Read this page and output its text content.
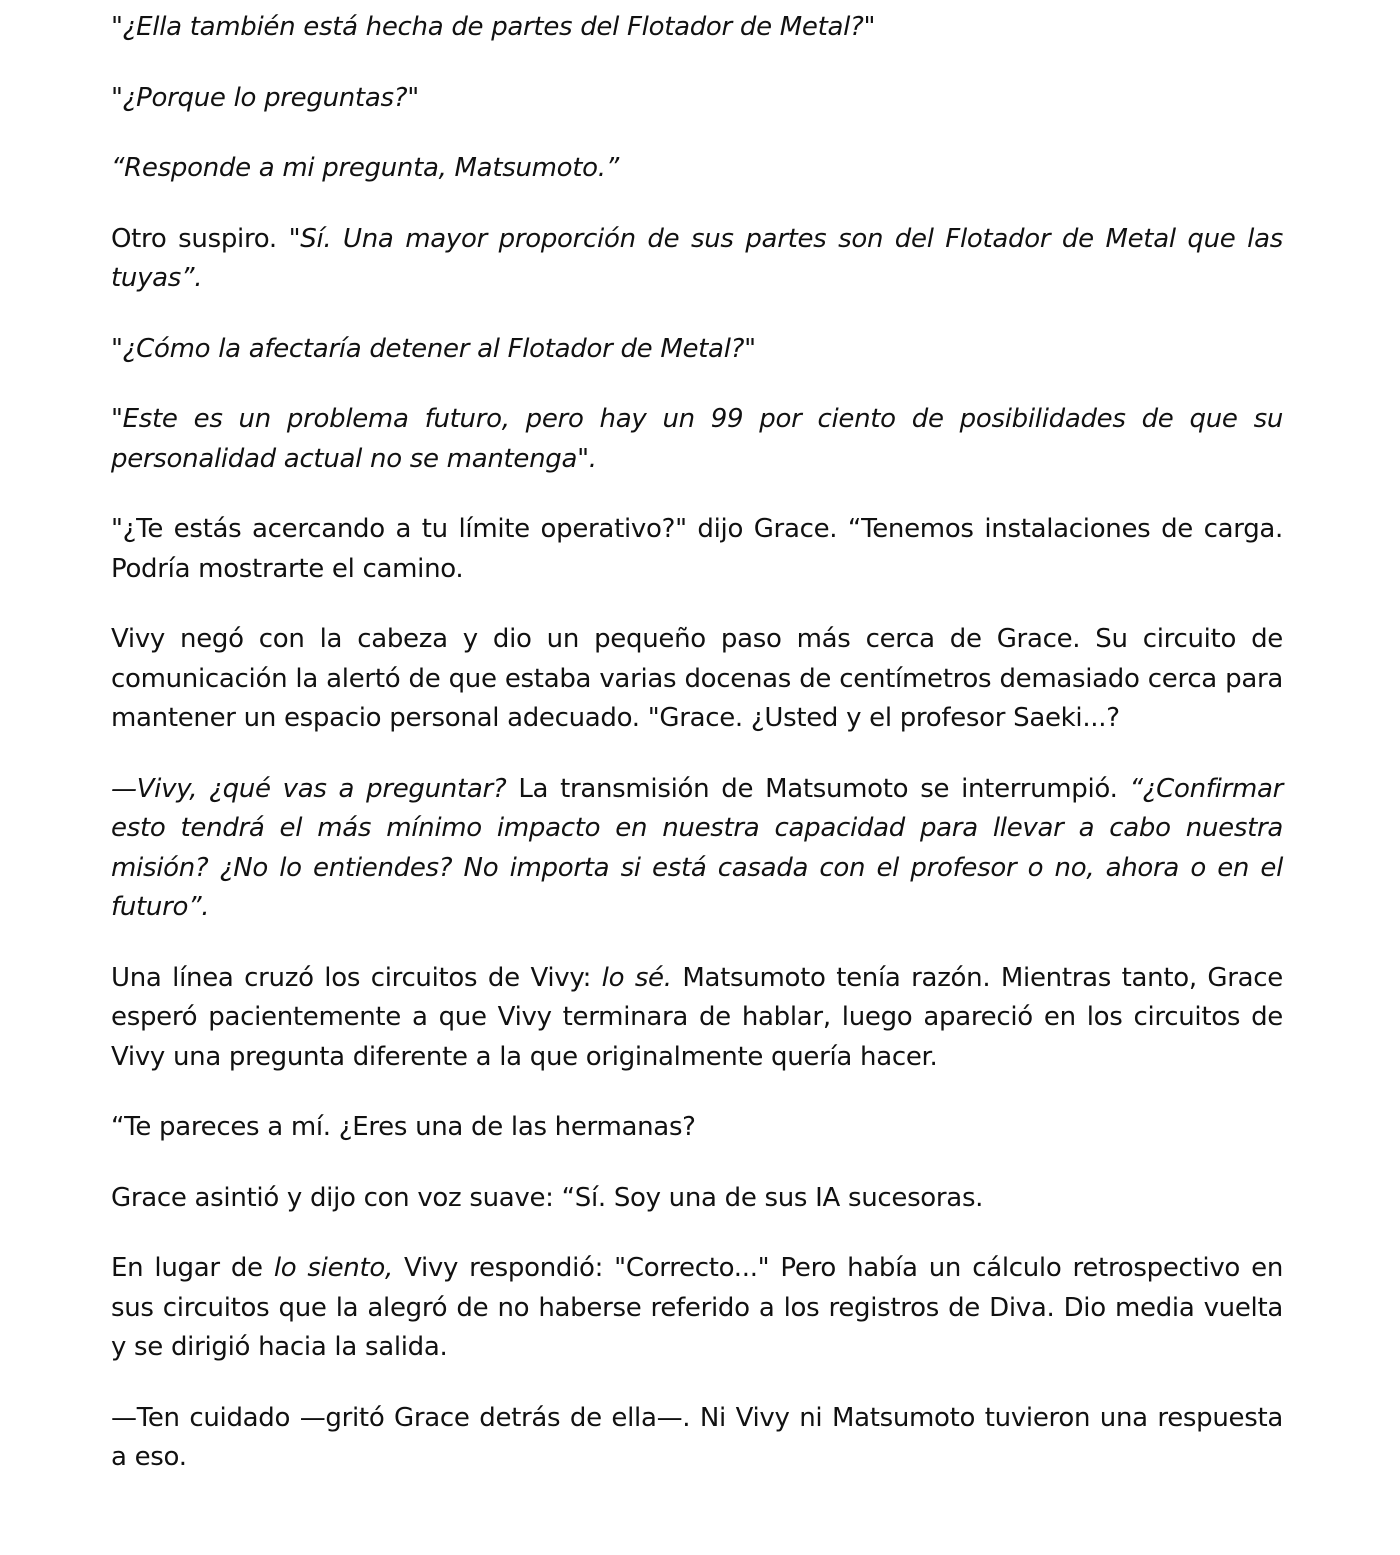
"¿Ella también está hecha de partes del Flotador de Metal?"

"¿Porque lo preguntas?"

“Responde a mi pregunta, Matsumoto.”

Otro suspiro. "Sí. Una mayor proporción de sus partes son del Flotador de Metal que las tuyas”.

"¿Cómo la afectaría detener al Flotador de Metal?"

"Este es un problema futuro, pero hay un 99 por ciento de posibilidades de que su personalidad actual no se mantenga".

"¿Te estás acercando a tu límite operativo?" dijo Grace. “Tenemos instalaciones de carga. Podría mostrarte el camino.

Vivy negó con la cabeza y dio un pequeño paso más cerca de Grace. Su circuito de comunicación la alertó de que estaba varias docenas de centímetros demasiado cerca para mantener un espacio personal adecuado. "Grace. ¿Usted y el profesor Saeki...?

—Vivy, ¿qué vas a preguntar? La transmisión de Matsumoto se interrumpió. “¿Confirmar esto tendrá el más mínimo impacto en nuestra capacidad para llevar a cabo nuestra misión? ¿No lo entiendes? No importa si está casada con el profesor o no, ahora o en el futuro”.

Una línea cruzó los circuitos de Vivy: lo sé. Matsumoto tenía razón. Mientras tanto, Grace esperó pacientemente a que Vivy terminara de hablar, luego apareció en los circuitos de Vivy una pregunta diferente a la que originalmente quería hacer.

“Te pareces a mí. ¿Eres una de las hermanas?

Grace asintió y dijo con voz suave: “Sí. Soy una de sus IA sucesoras.

En lugar de lo siento, Vivy respondió: "Correcto..." Pero había un cálculo retrospectivo en sus circuitos que la alegró de no haberse referido a los registros de Diva. Dio media vuelta y se dirigió hacia la salida.

—Ten cuidado —gritó Grace detrás de ella—. Ni Vivy ni Matsumoto tuvieron una respuesta a eso.
